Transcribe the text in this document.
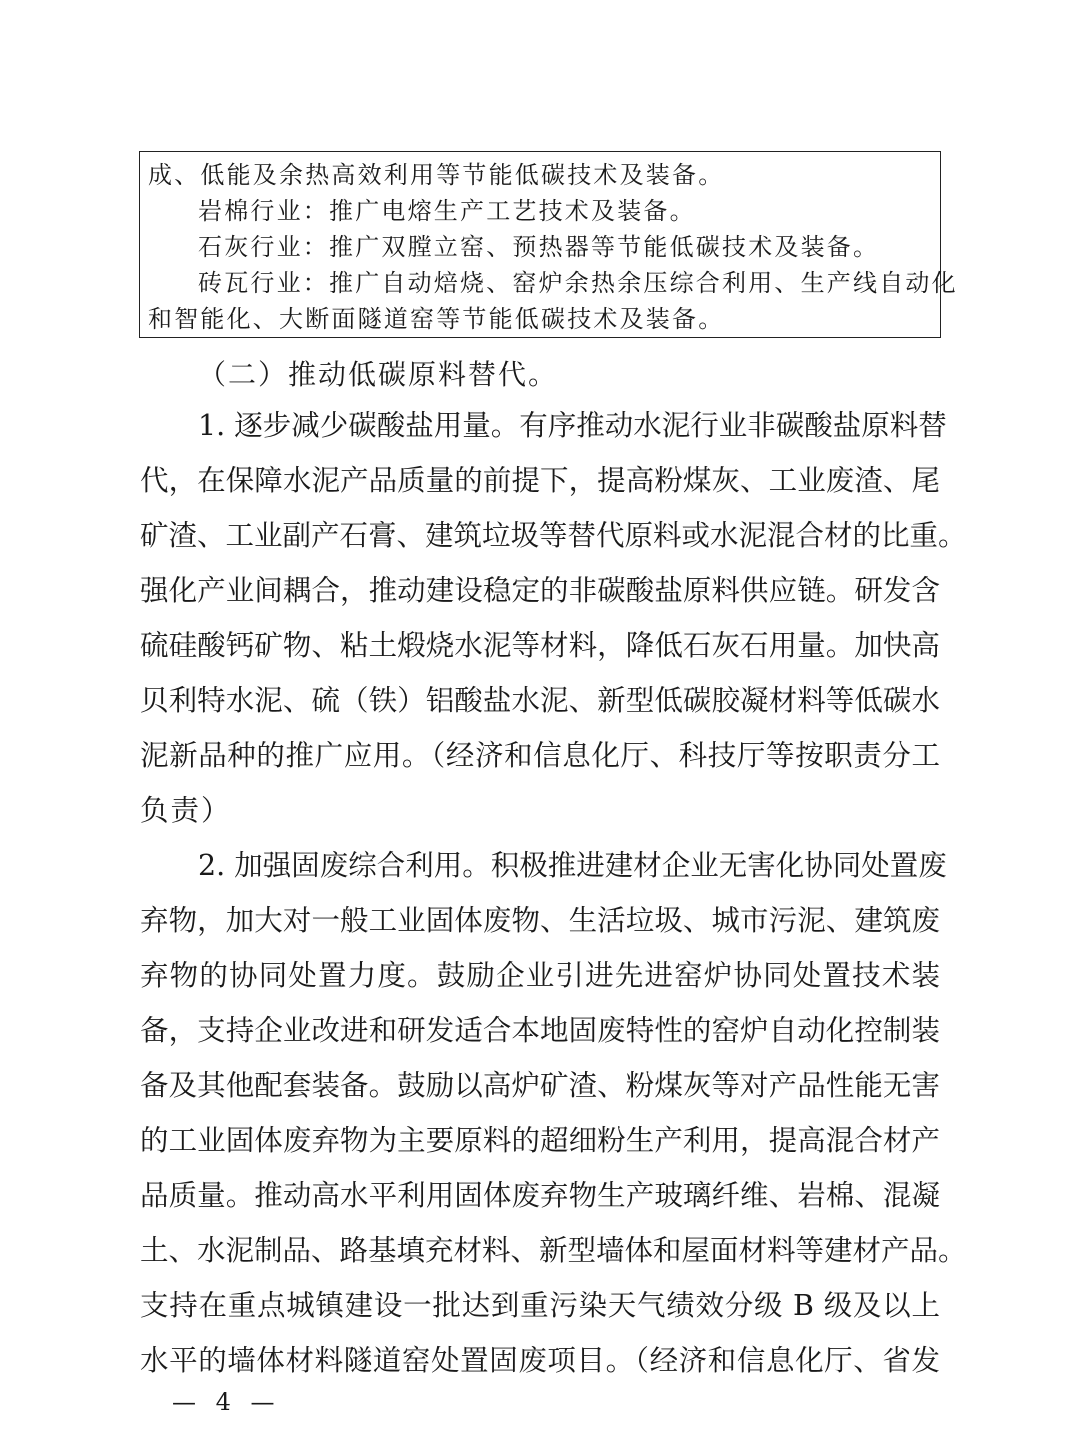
成、低能及余热高效利用等节能低碳技术及装备。
岩棉行业：推广电熔生产工艺技术及装备。
石灰行业：推广双膛立窑、预热器等节能低碳技术及装备。
砖瓦行业：推广自动焙烧、窑炉余热余压综合利用、生产线自动化
和智能化、大断面隧道窑等节能低碳技术及装备。
（二）推动低碳原料替代。
1. 逐步减少碳酸盐用量。有序推动水泥行业非碳酸盐原料替
代，在保障水泥产品质量的前提下，提高粉煤灰、工业废渣、尾
矿渣、工业副产石膏、建筑垃圾等替代原料或水泥混合材的比重。
强化产业间耦合，推动建设稳定的非碳酸盐原料供应链。研发含
硫硅酸钙矿物、粘土煅烧水泥等材料，降低石灰石用量。加快高
贝利特水泥、硫（铁）铝酸盐水泥、新型低碳胶凝材料等低碳水
泥新品种的推广应用。（经济和信息化厅、科技厅等按职责分工
负责）
2. 加强固废综合利用。积极推进建材企业无害化协同处置废
弃物，加大对一般工业固体废物、生活垃圾、城市污泥、建筑废
弃物的协同处置力度。鼓励企业引进先进窑炉协同处置技术装
备，支持企业改进和研发适合本地固废特性的窑炉自动化控制装
备及其他配套装备。鼓励以高炉矿渣、粉煤灰等对产品性能无害
的工业固体废弃物为主要原料的超细粉生产利用，提高混合材产
品质量。推动高水平利用固体废弃物生产玻璃纤维、岩棉、混凝
土、水泥制品、路基填充材料、新型墙体和屋面材料等建材产品。
支持在重点城镇建设一批达到重污染天气绩效分级 B 级及以上
水平的墙体材料隧道窑处置固废项目。（经济和信息化厅、省发
— 4 —
